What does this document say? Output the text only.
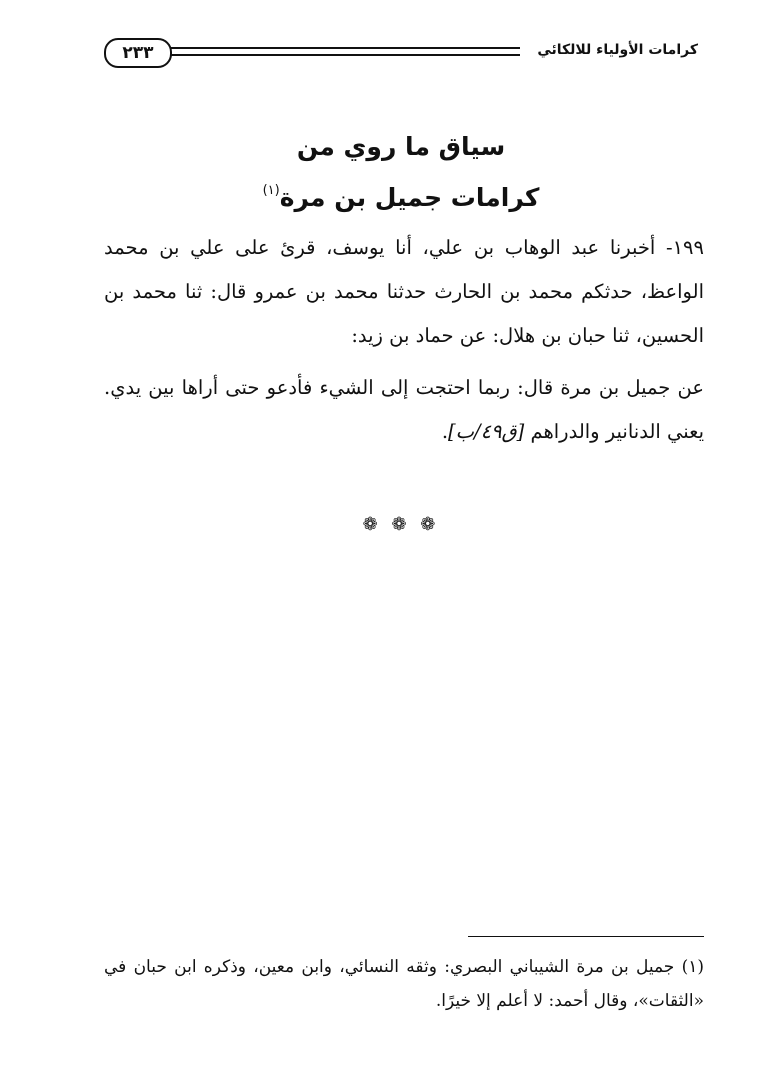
٢٣٣	كرامات الأولياء للالكائي
سياق ما روي من
كرامات جميل بن مرة$^{(١)}$
١٩٩- أخبرنا عبد الوهاب بن علي، أنا يوسف، قرئ على علي بن محمد الواعظ، حدثكم محمد بن الحارث حدثنا محمد بن عمرو قال: ثنا محمد بن الحسين، ثنا حبان بن هلال: عن حماد بن زيد:
عن جميل بن مرة قال: ربما احتجت إلى الشيء فأدعو حتى أراها بين يدي. يعني الدنانير والدراهم [ق٤٩/ب].
❁ ❁ ❁
(١) جميل بن مرة الشيباني البصري: وثقه النسائي، وابن معين، وذكره ابن حبان في «الثقات»، وقال أحمد: لا أعلم إلا خيرًا.
